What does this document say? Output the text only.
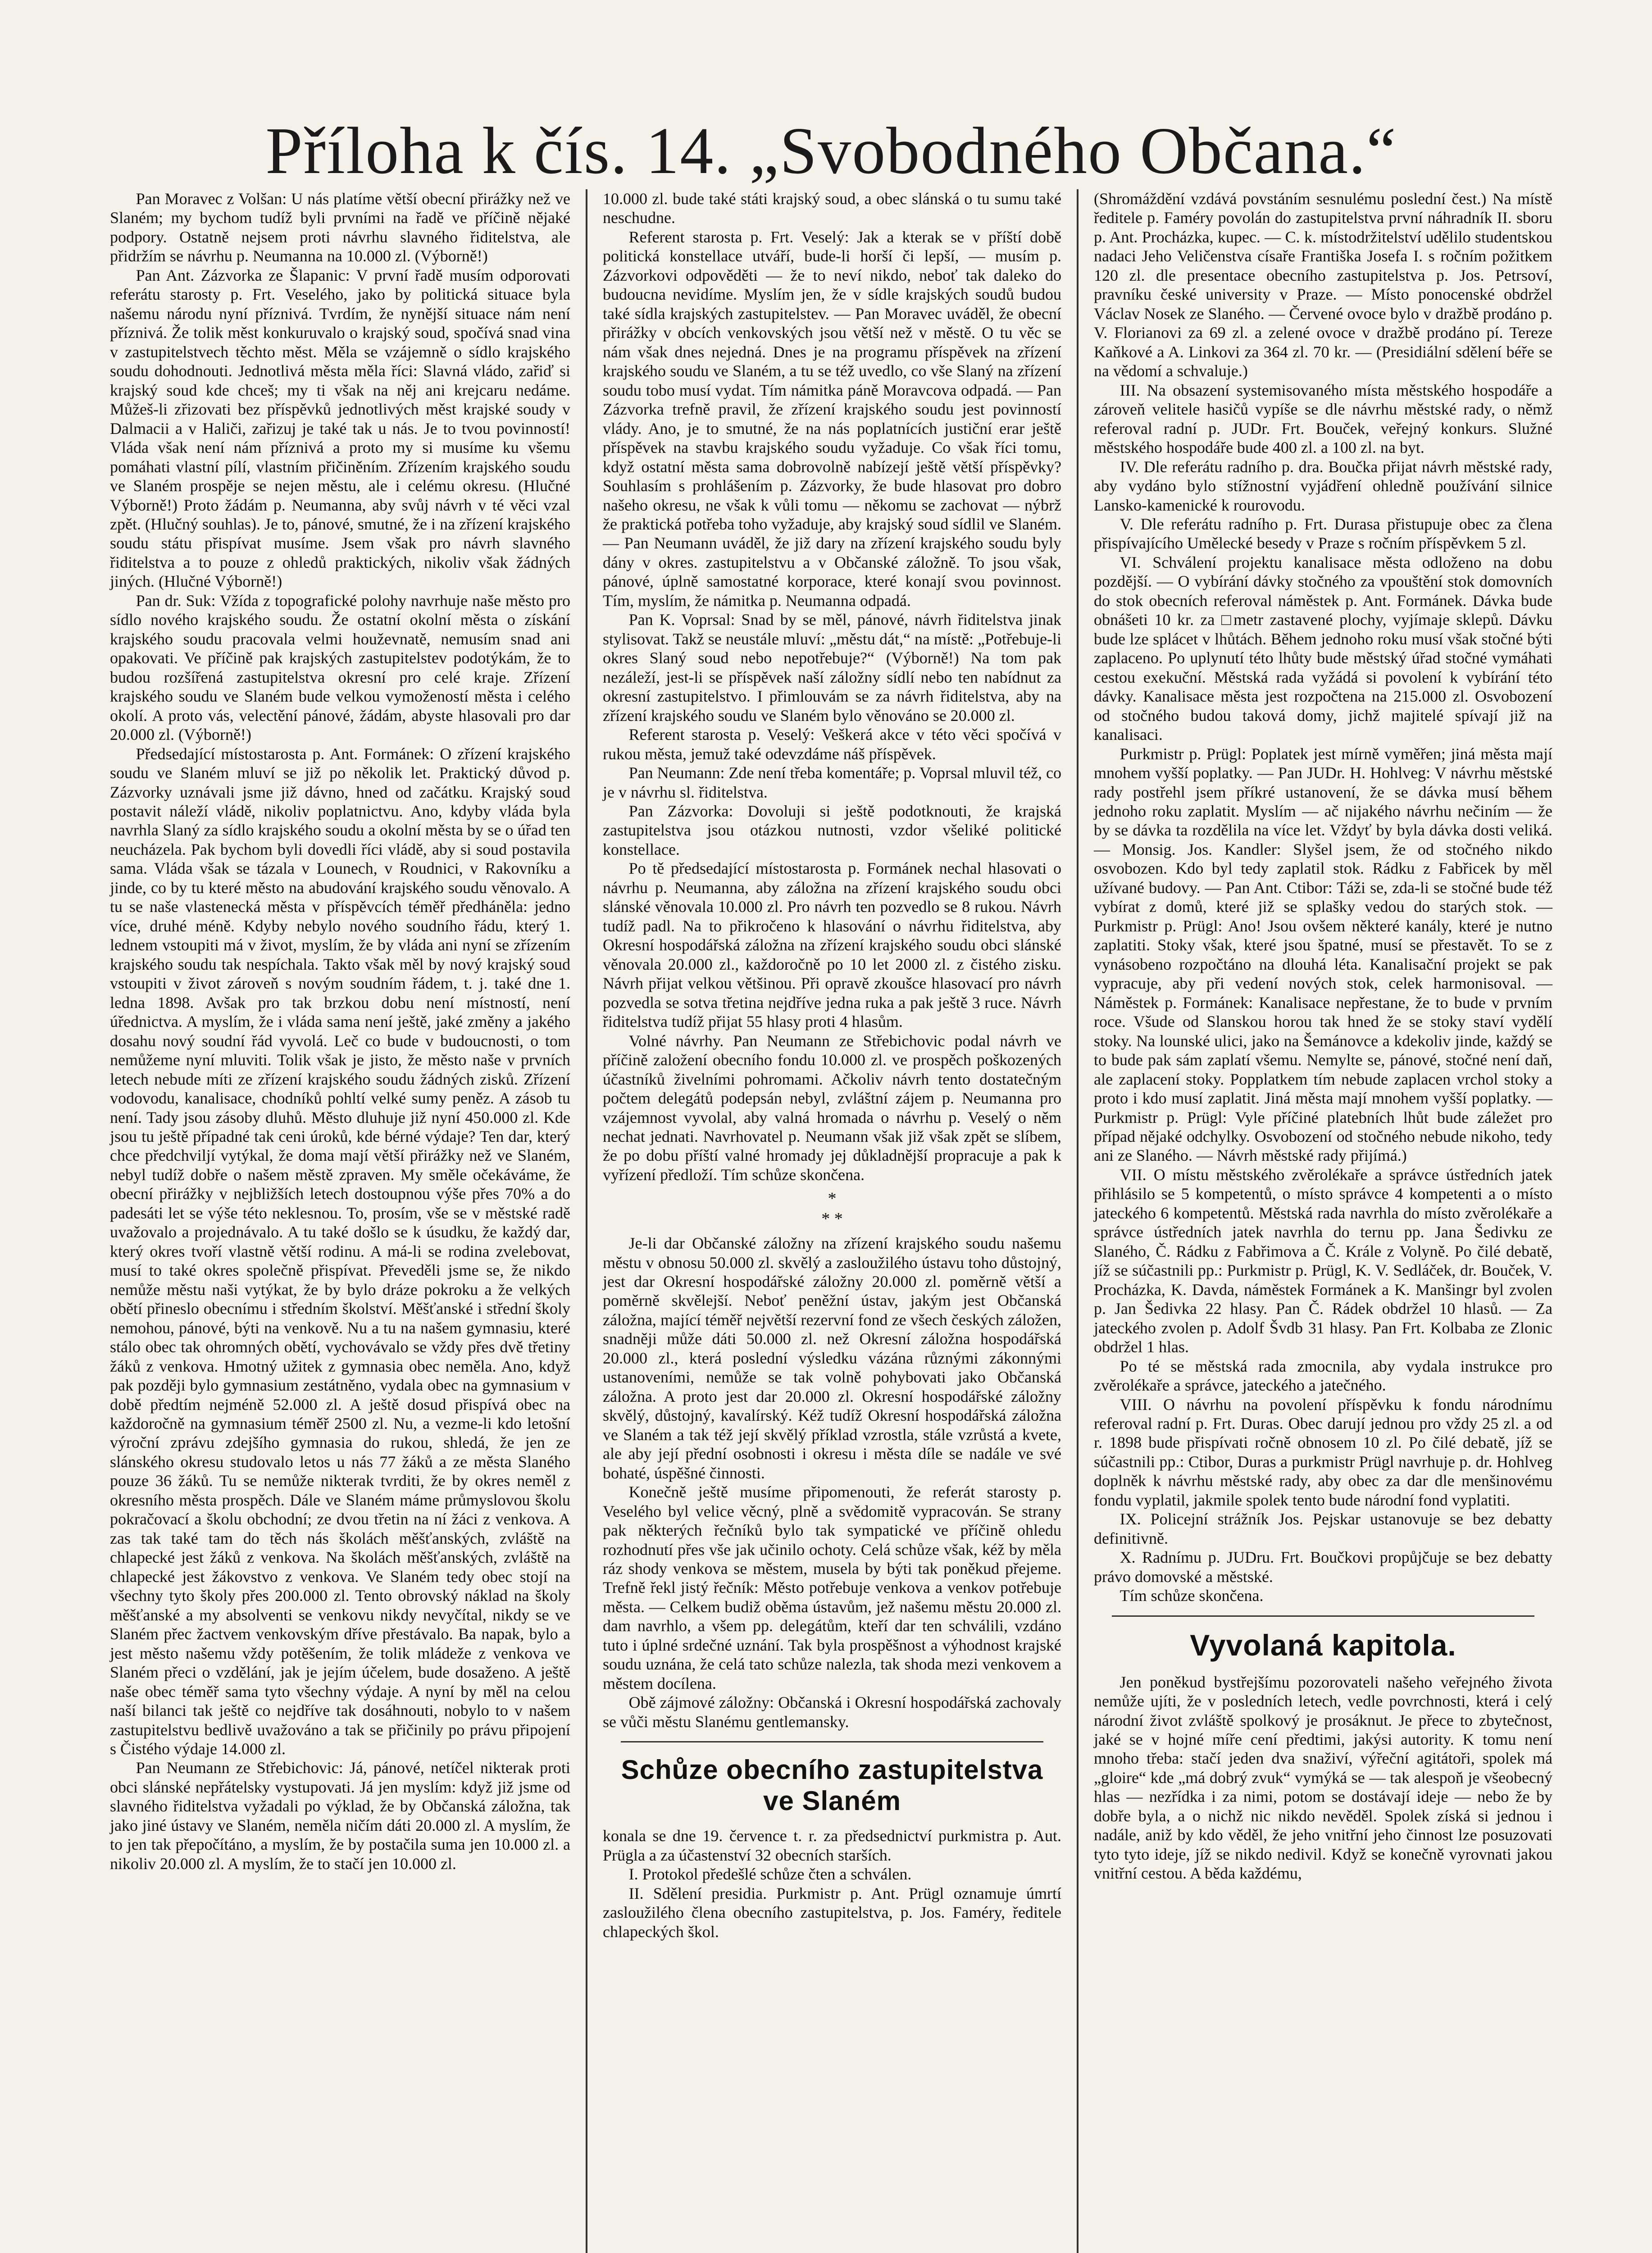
Příloha k čís. 14. „Svobodného Občana.“

Pan Moravec z Volšan: U nás platíme větší obecní přirážky než ve Slaném; my bychom tudíž byli prvními na řadě ve příčině nějaké podpory. Ostatně nejsem proti návrhu slavného řiditelstva, ale přidržím se návrhu p. Neumanna na 10.000 zl. (Výborně!)

Pan Ant. Zázvorka ze Šlapanic: V první řadě musím odporovati referátu starosty p. Frt. Veselého, jako by politická situace byla našemu národu nyní příznivá. Tvrdím, že nynější situace nám není příznivá. Že tolik měst konkuruvalo o krajský soud, spočívá snad vina v zastupitelstvech těchto měst. Měla se vzájemně o sídlo krajského soudu dohodnouti. Jednotlivá města měla říci: Slavná vládo, zařiď si krajský soud kde chceš; my ti však na něj ani krejcaru nedáme. Můžeš-li zřizovati bez příspěvků jednotlivých měst krajské soudy v Dalmacii a v Haliči, zařizuj je také tak u nás. Je to tvou povinností! Vláda však není nám příznivá a proto my si musíme ku všemu pomáhati vlastní pílí, vlastním přičiněním. Zřízením krajského soudu ve Slaném prospěje se nejen městu, ale i celému okresu. (Hlučné Výborně!) Proto žádám p. Neumanna, aby svůj návrh v té věci vzal zpět. (Hlučný souhlas). Je to, pánové, smutné, že i na zřízení krajského soudu státu přispívat musíme. Jsem však pro návrh slavného řiditelstva a to pouze z ohledů praktických, nikoliv však žádných jiných. (Hlučné Výborně!)

Pan dr. Suk: Vžída z topografické polohy navrhuje naše město pro sídlo nového krajského soudu. Že ostatní okolní města o získání krajského soudu pracovala velmi houževnatě, nemusím snad ani opakovati. Ve příčině pak krajských zastupitelstev podotýkám, že to budou rozšířená zastupitelstva okresní pro celé kraje. Zřízení krajského soudu ve Slaném bude velkou vymožeností města i celého okolí. A proto vás, velectění pánové, žádám, abyste hlasovali pro dar 20.000 zl. (Výborně!)

Předsedající místostarosta p. Ant. Formánek: O zřízení krajského soudu ve Slaném mluví se již po několik let. Praktický důvod p. Zázvorky uznávali jsme již dávno, hned od začátku. Krajský soud postavit náleží vládě, nikoliv poplatnictvu. Ano, kdyby vláda byla navrhla Slaný za sídlo krajského soudu a okolní města by se o úřad ten neucházela. Pak bychom byli dovedli říci vládě, aby si soud postavila sama. Vláda však se tázala v Lounech, v Roudnici, v Rakovníku a jinde, co by tu které město na abudování krajského soudu věnovalo. A tu se naše vlastenecká města v příspěvcích téměř předháněla: jedno více, druhé méně. Kdyby nebylo nového soudního řádu, který 1. lednem vstoupiti má v život, myslím, že by vláda ani nyní se zřízením krajského soudu tak nespíchala. Takto však měl by nový krajský soud vstoupiti v život zároveň s novým soudním řádem, t. j. také dne 1. ledna 1898. Avšak pro tak brzkou dobu není místností, není úřednictva. A myslím, že i vláda sama není ještě, jaké změny a jakého dosahu nový soudní řád vyvolá. Leč co bude v budoucnosti, o tom nemůžeme nyní mluviti. Tolik však je jisto, že město naše v prvních letech nebude míti ze zřízení krajského soudu žádných zisků. Zřízení vodovodu, kanalisace, chodníků pohltí velké sumy peněz. A zásob tu není. Tady jsou zásoby dluhů. Město dluhuje již nyní 450.000 zl. Kde jsou tu ještě případné tak ceni úroků, kde bérné výdaje? Ten dar, který chce předchviljí vytýkal, že doma mají větší přirážky než ve Slaném, nebyl tudíž dobře o našem městě zpraven. My směle očekáváme, že obecní přirážky v nejbližších letech dostoupnou výše přes 70% a do padesáti let se výše této neklesnou. To, prosím, vše se v městské radě uvažovalo a projednávalo. A tu také došlo se k úsudku, že každý dar, který okres tvoří vlastně větší rodinu. A má-li se rodina zvelebovat, musí to také okres společně přispívat. Převeděli jsme se, že nikdo nemůže městu naši vytýkat, že by bylo dráze pokroku a že velkých obětí přineslo obecnímu i středním školství. Měšťanské i střední školy nemohou, pánové, býti na venkově. Nu a tu na našem gymnasiu, které stálo obec tak ohromných obětí, vychovávalo se vždy přes dvě třetiny žáků z venkova. Hmotný užitek z gymnasia obec neměla. Ano, když pak později bylo gymnasium zestátněno, vydala obec na gymnasium v době předtím nejméně 52.000 zl. A ještě dosud přispívá obec na každoročně na gymnasium téměř 2500 zl. Nu, a vezme-li kdo letošní výroční zprávu zdejšího gymnasia do rukou, shledá, že jen ze slánského okresu studovalo letos u nás 77 žáků a ze města Slaného pouze 36 žáků. Tu se nemůže nikterak tvrditi, že by okres neměl z okresního města prospěch. Dále ve Slaném máme průmyslovou školu pokračovací a školu obchodní; ze dvou třetin na ní žáci z venkova. A zas tak také tam do těch nás školách měšťanských, zvláště na chlapecké jest žáků z venkova. Na školách měšťanských, zvláště na chlapecké jest žákovstvo z venkova. Ve Slaném tedy obec stojí na všechny tyto školy přes 200.000 zl. Tento obrovský náklad na školy měšťanské a my absolventi se venkovu nikdy nevyčítal, nikdy se ve Slaném přec žactvem venkovským dříve přestávalo. Ba napak, bylo a jest město našemu vždy potěšením, že tolik mládeže z venkova ve Slaném přeci o vzdělání, jak je jejím účelem, bude dosaženo. A ještě naše obec téměř sama tyto všechny výdaje. A nyní by měl na celou naší bilanci tak ještě co nejdříve tak dosáhnouti, nobylo to v našem zastupitelstvu bedlivě uvažováno a tak se přičinily po právu připojení s Čistého výdaje 14.000 zl.

Pan Neumann ze Střebichovic: Já, pánové, netíčel nikterak proti obci slánské nepřátelsky vystupovati. Já jen myslím: když již jsme od slavného řiditelstva vyžadali po výklad, že by Občanská záložna, tak jako jiné ústavy ve Slaném, neměla ničím dáti 20.000 zl. A myslím, že to jen tak přepočítáno, a myslím, že by postačila suma jen 10.000 zl. a nikoliv 20.000 zl. A myslím, že to stačí jen 10.000 zl.

10.000 zl. bude také státi krajský soud, a obec slánská o tu sumu také neschudne.

Referent starosta p. Frt. Veselý: Jak a kterak se v příští době politická konstellace utváří, bude-li horší či lepší, — musím p. Zázvorkovi odpověděti — že to neví nikdo, neboť tak daleko do budoucna nevidíme. Myslím jen, že v sídle krajských soudů budou také sídla krajských zastupitelstev. — Pan Moravec uváděl, že obecní přirážky v obcích venkovských jsou větší než v městě. O tu věc se nám však dnes nejedná. Dnes je na programu příspěvek na zřízení krajského soudu ve Slaném, a tu se též uvedlo, co vše Slaný na zřízení soudu tobo musí vydat. Tím námitka páně Moravcova odpadá. — Pan Zázvorka trefně pravil, že zřízení krajského soudu jest povinností vlády. Ano, je to smutné, že na nás poplatnících justiční erar ještě příspěvek na stavbu krajského soudu vyžaduje. Co však říci tomu, když ostatní města sama dobrovolně nabízejí ještě větší příspěvky? Souhlasím s prohlášením p. Zázvorky, že bude hlasovat pro dobro našeho okresu, ne však k vůli tomu — někomu se zachovat — nýbrž že praktická potřeba toho vyžaduje, aby krajský soud sídlil ve Slaném. — Pan Neumann uváděl, že již dary na zřízení krajského soudu byly dány v okres. zastupitelstvu a v Občanské záložně. To jsou však, pánové, úplně samostatné korporace, které konají svou povinnost. Tím, myslím, že námitka p. Neumanna odpadá.

Pan K. Voprsal: Snad by se měl, pánové, návrh řiditelstva jinak stylisovat. Takž se neustále mluví: „městu dát,“ na místě: „Potřebuje-li okres Slaný soud nebo nepotřebuje?“ (Výborně!) Na tom pak nezáleží, jest-li se příspěvek naší záložny sídlí nebo ten nabídnut za okresní zastupitelstvo. I přimlouvám se za návrh řiditelstva, aby na zřízení krajského soudu ve Slaném bylo věnováno se 20.000 zl.

Referent starosta p. Veselý: Veškerá akce v této věci spočívá v rukou města, jemuž také odevzdáme náš příspěvek.

Pan Neumann: Zde není třeba komentáře; p. Voprsal mluvil též, co je v návrhu sl. řiditelstva.

Pan Zázvorka: Dovoluji si ještě podotknouti, že krajská zastupitelstva jsou otázkou nutnosti, vzdor všeliké politické konstellace.

Po tě předsedající místostarosta p. Formánek nechal hlasovati o návrhu p. Neumanna, aby záložna na zřízení krajského soudu obci slánské věnovala 10.000 zl. Pro návrh ten pozvedlo se 8 rukou. Návrh tudíž padl. Na to přikročeno k hlasování o návrhu řiditelstva, aby Okresní hospodářská záložna na zřízení krajského soudu obci slánské věnovala 20.000 zl., každoročně po 10 let 2000 zl. z čistého zisku. Návrh přijat velkou většinou. Při opravě zkoušce hlasovací pro návrh pozvedla se sotva třetina nejdříve jedna ruka a pak ještě 3 ruce. Návrh řiditelstva tudíž přijat 55 hlasy proti 4 hlasům.

Volné návrhy. Pan Neumann ze Střebichovic podal návrh ve příčině založení obecního fondu 10.000 zl. ve prospěch poškozených účastníků živelními pohromami. Ačkoliv návrh tento dostatečným počtem delegátů podepsán nebyl, zvláštní zájem p. Neumanna pro vzájemnost vyvolal, aby valná hromada o návrhu p. Veselý o něm nechat jednati. Navrhovatel p. Neumann však již však zpět se slíbem, že po dobu příští valné hromady jej důkladnější propracuje a pak k vyřízení předloží. Tím schůze skončena.

*
* *

Je-li dar Občanské záložny na zřízení krajského soudu našemu městu v obnosu 50.000 zl. skvělý a zasloužilého ústavu toho důstojný, jest dar Okresní hospodářské záložny 20.000 zl. poměrně větší a poměrně skvělejší. Neboť peněžní ústav, jakým jest Občanská záložna, mající téměř největší rezervní fond ze všech českých záložen, snadněji může dáti 50.000 zl. než Okresní záložna hospodářská 20.000 zl., která poslední výsledku vázána různými zákonnými ustanoveními, nemůže se tak volně pohybovati jako Občanská záložna. A proto jest dar 20.000 zl. Okresní hospodářské záložny skvělý, důstojný, kavalírský. Kéž tudíž Okresní hospodářská záložna ve Slaném a tak též její skvělý příklad vzrostla, stále vzrůstá a kvete, ale aby její přední osobnosti i okresu i města díle se nadále ve své bohaté, úspěšné činnosti.

Konečně ještě musíme připomenouti, že referát starosty p. Veselého byl velice věcný, plně a svědomitě vypracován. Se strany pak některých řečníků bylo tak sympatické ve příčině ohledu rozhodnutí přes vše jak učinilo ochoty. Celá schůze však, kéž by měla ráz shody venkova se městem, musela by býti tak poněkud přejeme. Trefně řekl jistý řečník: Město potřebuje venkova a venkov potřebuje města. — Celkem budiž oběma ústavům, jež našemu městu 20.000 zl. dam navrhlo, a všem pp. delegátům, kteří dar ten schválili, vzdáno tuto i úplné srdečné uznání. Tak byla prospěšnost a výhodnost krajské soudu uznána, že celá tato schůze nalezla, tak shoda mezi venkovem a městem docílena.

Obě zájmové záložny: Občanská i Okresní hospodářská zachovaly se vůči městu Slanému gentlemansky.

Schůze obecního zastupitelstva
ve Slaném

konala se dne 19. července t. r. za předsednictví purkmistra p. Aut. Prügla a za účastenství 32 obecních starších.

I. Protokol předešlé schůze čten a schválen.

II. Sdělení presidia. Purkmistr p. Ant. Prügl oznamuje úmrtí zasloužilého člena obecního zastupitelstva, p. Jos. Faméry, ředitele chlapeckých škol.

(Shromáždění vzdává povstáním sesnulému poslední čest.) Na místě ředitele p. Faméry povolán do zastupitelstva první náhradník II. sboru p. Ant. Procházka, kupec. — C. k. místodržitelství udělilo studentskou nadaci Jeho Veličenstva císaře Františka Josefa I. s ročním požitkem 120 zl. dle presentace obecního zastupitelstva p. Jos. Petrsoví, pravníku české university v Praze. — Místo ponocenské obdržel Václav Nosek ze Slaného. — Červené ovoce bylo v dražbě prodáno p. V. Florianovi za 69 zl. a zelené ovoce v dražbě prodáno pí. Tereze Kaňkové a A. Linkovi za 364 zl. 70 kr. — (Presidiální sdělení béře se na vědomí a schvaluje.)

III. Na obsazení systemisovaného místa městského hospodáře a zároveň velitele hasičů vypíše se dle návrhu městské rady, o němž referoval radní p. JUDr. Frt. Bouček, veřejný konkurs. Služné městského hospodáře bude 400 zl. a 100 zl. na byt.

IV. Dle referátu radního p. dra. Boučka přijat návrh městské rady, aby vydáno bylo stížnostní vyjádření ohledně používání silnice Lansko-kamenické k rourovodu.

V. Dle referátu radního p. Frt. Durasa přistupuje obec za člena přispívajícího Umělecké besedy v Praze s ročním příspěvkem 5 zl.

VI. Schválení projektu kanalisace města odloženo na dobu pozdější. — O vybírání dávky stočného za vpouštění stok domovních do stok obecních referoval náměstek p. Ant. Formánek. Dávka bude obnášeti 10 kr. za □metr zastavené plochy, vyjímaje sklepů. Dávku bude lze splácet v lhůtách. Během jednoho roku musí však stočné býti zaplaceno. Po uplynutí této lhůty bude městský úřad stočné vymáhati cestou exekuční. Městská rada vyžádá si povolení k vybírání této dávky. Kanalisace města jest rozpočtena na 215.000 zl. Osvobození od stočného budou taková domy, jichž majitelé spívají již na kanalisaci.

Purkmistr p. Prügl: Poplatek jest mírně vyměřen; jiná města mají mnohem vyšší poplatky. — Pan JUDr. H. Hohlveg: V návrhu městské rady postřehl jsem příkré ustanovení, že se dávka musí během jednoho roku zaplatit. Myslím — ač nijakého návrhu nečiním — že by se dávka ta rozdělila na více let. Vždyť by byla dávka dosti veliká. — Monsig. Jos. Kandler: Slyšel jsem, že od stočného nikdo osvobozen. Kdo byl tedy zaplatil stok. Rádku z Fabřicek by měl užívané budovy. — Pan Ant. Ctibor: Táži se, zda-li se stočné bude též vybírat z domů, které již se splašky vedou do starých stok. — Purkmistr p. Prügl: Ano! Jsou ovšem některé kanály, které je nutno zaplatiti. Stoky však, které jsou špatné, musí se přestavět. To se z vynásobeno rozpočtáno na dlouhá léta. Kanalisační projekt se pak vypracuje, aby při vedení nových stok, celek harmonisoval. — Náměstek p. Formánek: Kanalisace nepřestane, že to bude v prvním roce. Všude od Slanskou horou tak hned že se stoky staví vydělí stoky. Na lounské ulici, jako na Šemánovce a kdekoliv jinde, každý se to bude pak sám zaplatí všemu. Nemylte se, pánové, stočné není daň, ale zaplacení stoky. Popplatkem tím nebude zaplacen vrchol stoky a proto i kdo musí zaplatit. Jiná města mají mnohem vyšší poplatky. — Purkmistr p. Prügl: Vyle příčiné platebních lhůt bude záležet pro případ nějaké odchylky. Osvobození od stočného nebude nikoho, tedy ani ze Slaného. — Návrh městské rady přijímá.)

VII. O místu městského zvěrolékaře a správce ústředních jatek přihlásilo se 5 kompetentů, o místo správce 4 kompetenti a o místo jateckého 6 kompetentů. Městská rada navrhla do místo zvěrolékaře a správce ústředních jatek navrhla do ternu pp. Jana Šedivku ze Slaného, Č. Rádku z Fabřimova a Č. Krále z Volyně. Po čilé debatě, jíž se súčastnili pp.: Purkmistr p. Prügl, K. V. Sedláček, dr. Bouček, V. Procházka, K. Davda, náměstek Formánek a K. Manšingr byl zvolen p. Jan Šedivka 22 hlasy. Pan Č. Rádek obdržel 10 hlasů. — Za jateckého zvolen p. Adolf Švdb 31 hlasy. Pan Frt. Kolbaba ze Zlonic obdržel 1 hlas.

Po té se městská rada zmocnila, aby vydala instrukce pro zvěrolékaře a správce, jateckého a jatečného.

VIII. O návrhu na povolení příspěvku k fondu národnímu referoval radní p. Frt. Duras. Obec darují jednou pro vždy 25 zl. a od r. 1898 bude přispívati ročně obnosem 10 zl. Po čilé debatě, jíž se súčastnili pp.: Ctibor, Duras a purkmistr Prügl navrhuje p. dr. Hohlveg doplněk k návrhu městské rady, aby obec za dar dle menšinovému fondu vyplatil, jakmile spolek tento bude národní fond vyplatiti.

IX. Policejní strážník Jos. Pejskar ustanovuje se bez debatty definitivně.

X. Radnímu p. JUDru. Frt. Boučkovi propůjčuje se bez debatty právo domovské a městské.

Tím schůze skončena.

Vyvolaná kapitola.

Jen poněkud bystřejšímu pozorovateli našeho veřejného života nemůže ujíti, že v posledních letech, vedle povrchnosti, která i celý národní život zvláště spolkový je prosáknut. Je přece to zbytečnost, jaké se v hojné míře cení předtimi, jakýsi autority. K tomu není mnoho třeba: stačí jeden dva snaživí, výřeční agitátoři, spolek má „gloire“ kde „má dobrý zvuk“ vymýká se — tak alespoň je všeobecný hlas — nezřídka i za nimi, potom se dostávají ideje — nebo že by dobře byla, a o nichž nic nikdo nevěděl. Spolek získá si jednou i nadále, aniž by kdo věděl, že jeho vnitřní jeho činnost lze posuzovati tyto tyto ideje, jíž se nikdo nedivil. Když se konečně vyrovnati jakou vnitřní cestou. A běda každému,
